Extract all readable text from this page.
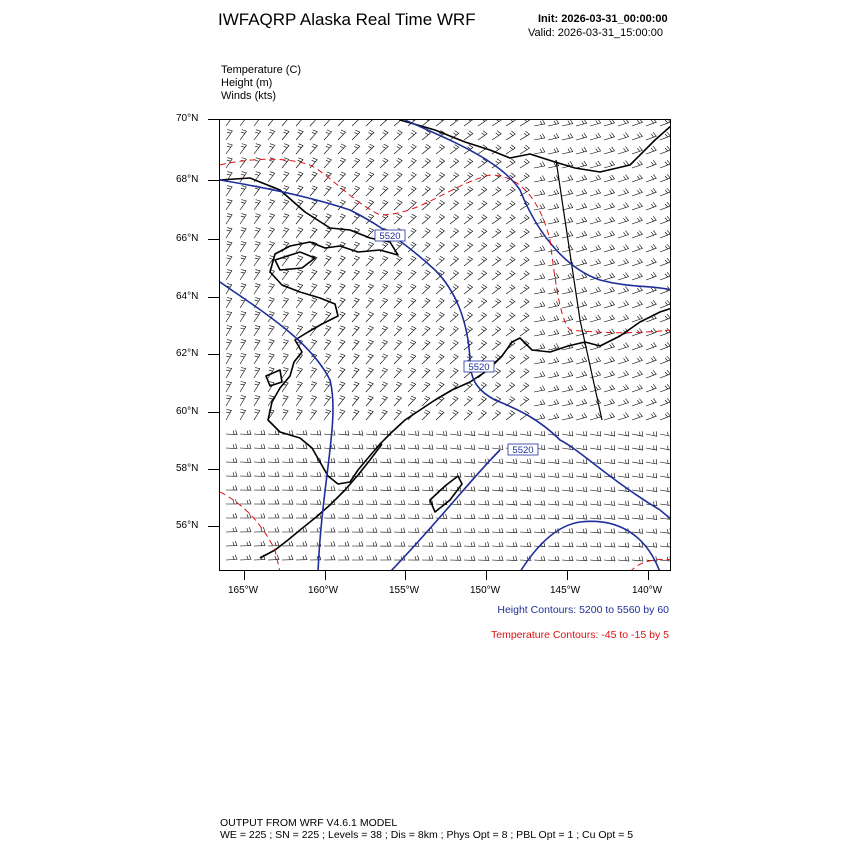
IWFAQRP Alaska Real Time WRF	Init: 2026-03-31_00:00:00
Valid: 2026-03-31_15:00:00
Temperature (C)
Height (m)
Winds (kts)
70°N
68°N
66°N
64°N
62°N
60°N
58°N
56°N
165°W	160°W	155°W	150°W	145°W	140°W
5520
5520
5520
Height Contours: 5200 to 5560 by 60
Temperature Contours: -45 to -15 by 5
OUTPUT FROM WRF V4.6.1 MODEL
WE = 225 ; SN = 225 ; Levels = 38 ; Dis = 8km ; Phys Opt = 8 ; PBL Opt = 1 ; Cu Opt = 5
